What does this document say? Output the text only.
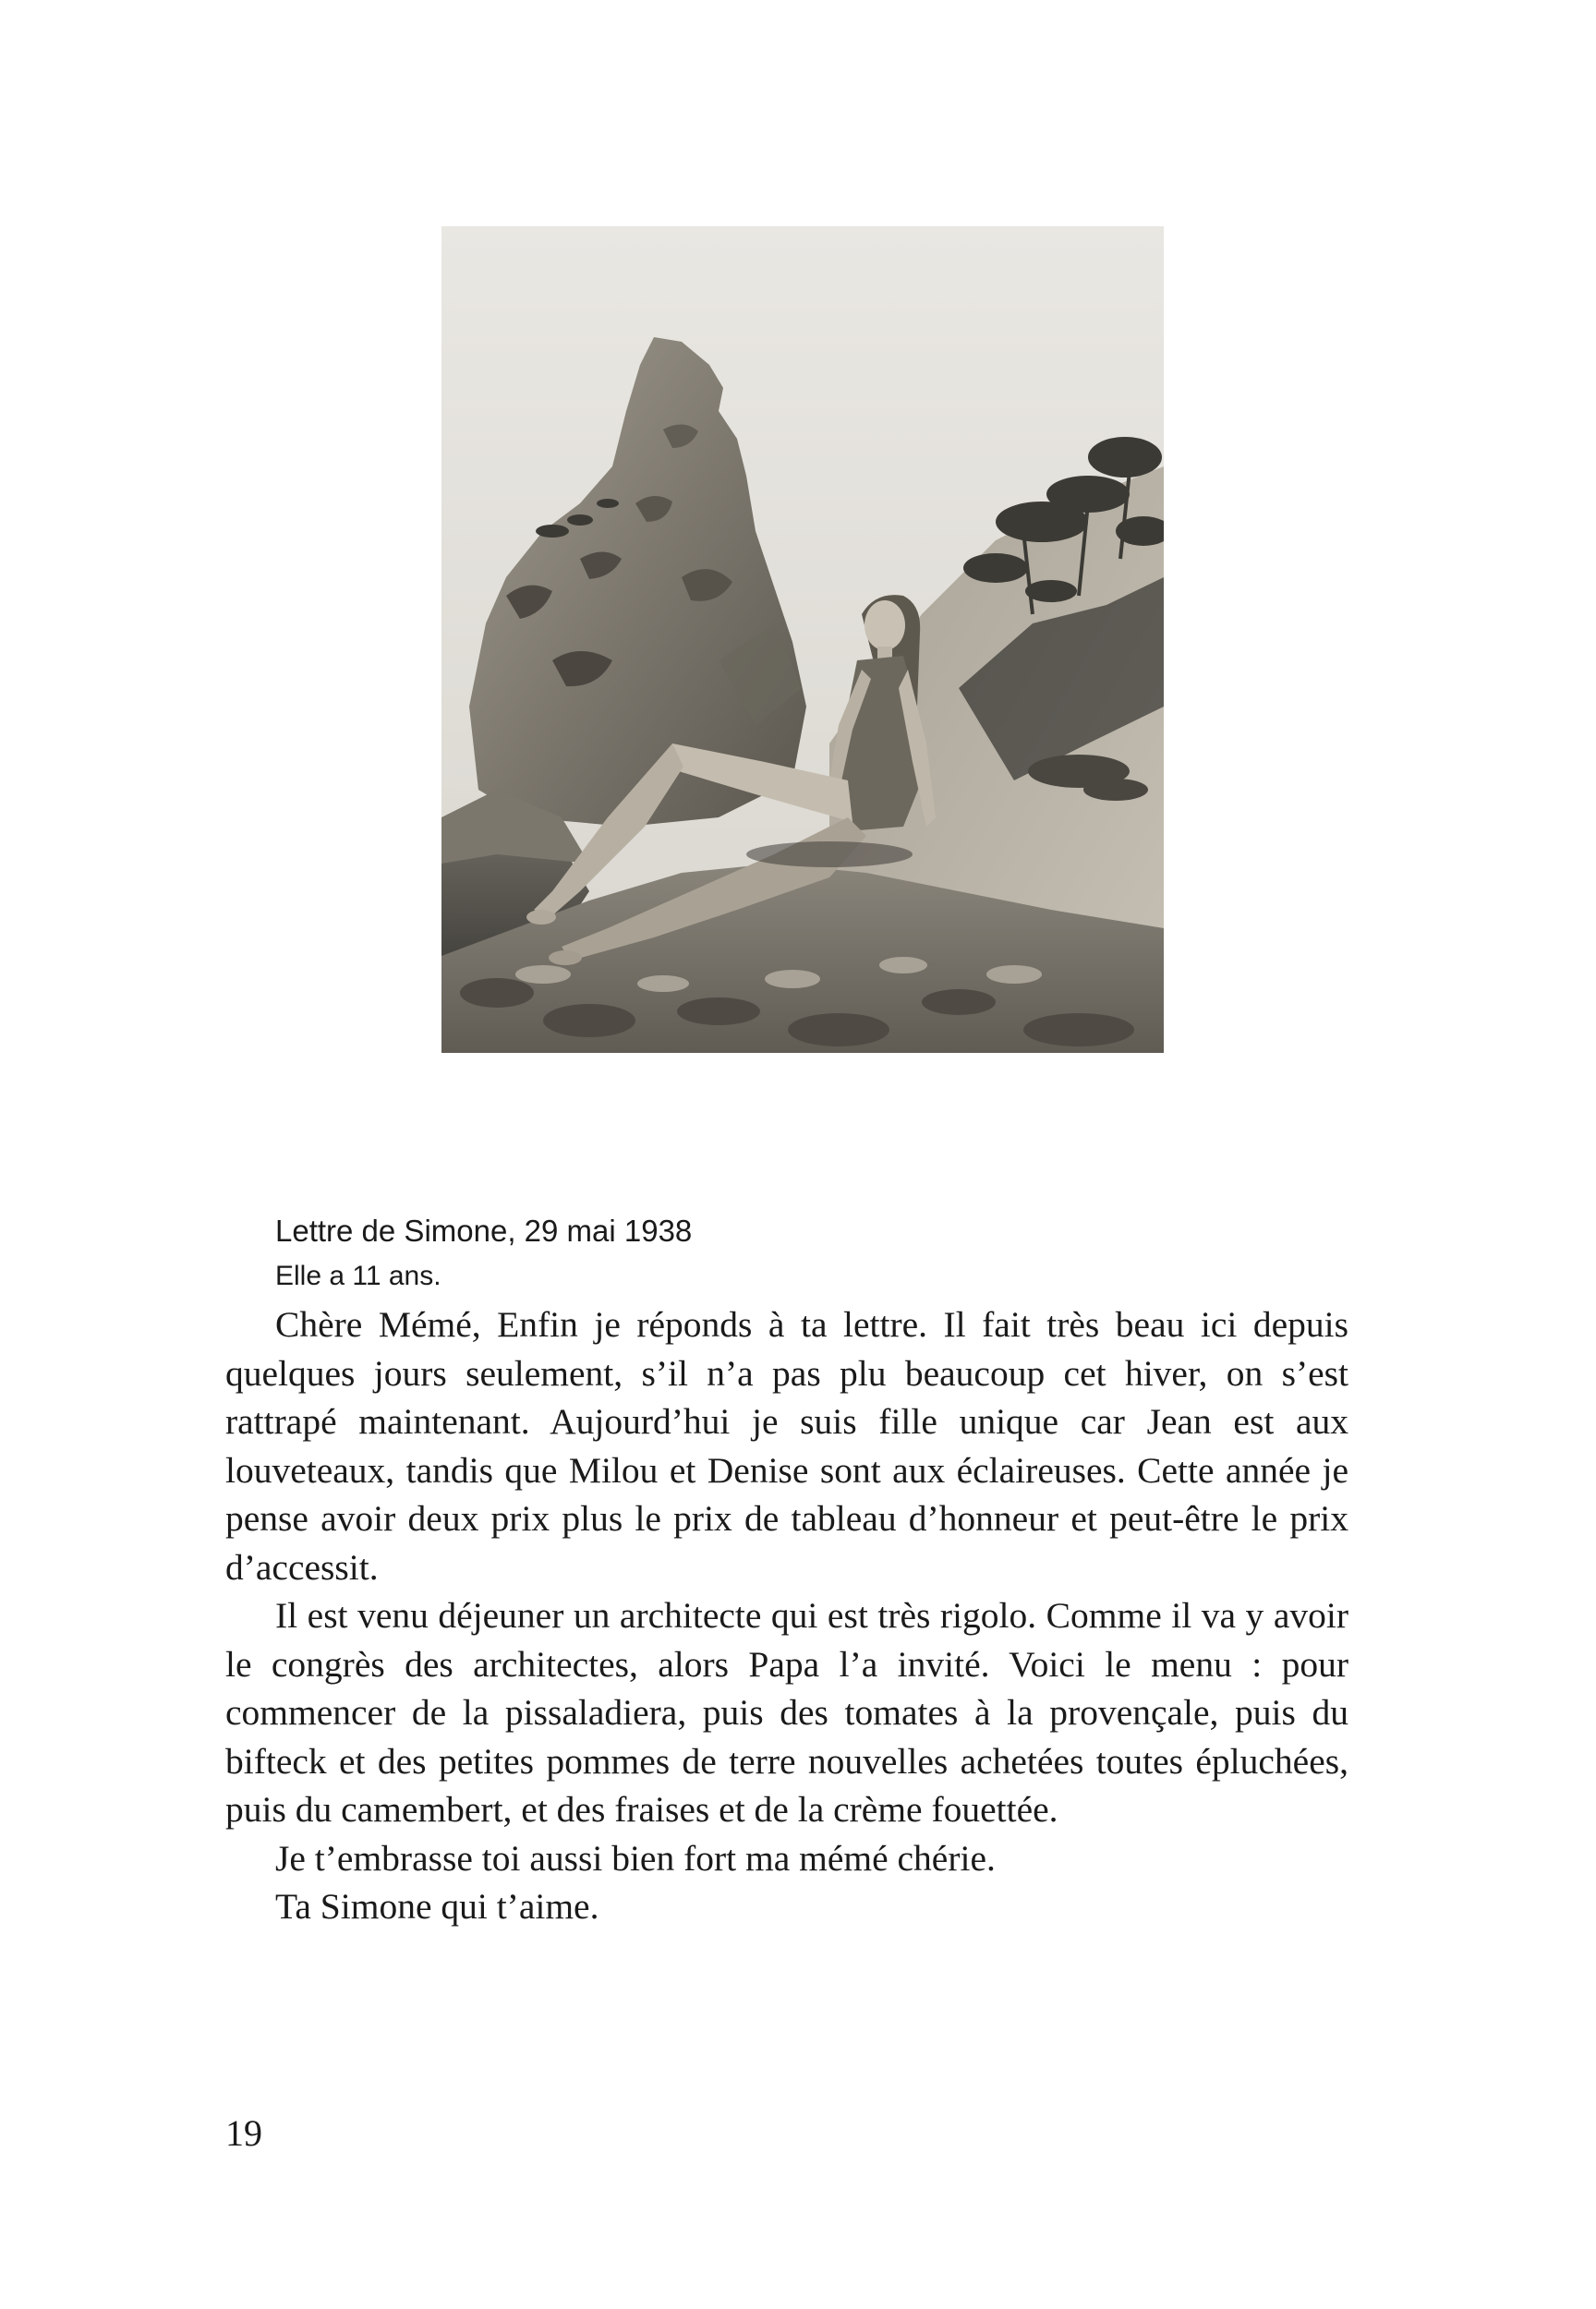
Lettre de Simone, 29 mai 1938
Elle a 11 ans.

Chère Mémé, Enfin je réponds à ta lettre. Il fait très beau ici depuis quelques jours seulement, s’il n’a pas plu beaucoup cet hiver, on s’est rattrapé maintenant. Aujourd’hui je suis fille unique car Jean est aux louveteaux, tandis que Milou et Denise sont aux éclaireuses. Cette année je pense avoir deux prix plus le prix de tableau d’honneur et peut-être le prix d’accessit.

Il est venu déjeuner un architecte qui est très rigolo. Comme il va y avoir le congrès des architectes, alors Papa l’a invité. Voici le menu : pour commencer de la pissaladiera, puis des tomates à la provençale, puis du bifteck et des petites pommes de terre nouvelles achetées toutes épluchées, puis du camembert, et des fraises et de la crème fouettée.

Je t’embrasse toi aussi bien fort ma mémé chérie.

Ta Simone qui t’aime.

19
